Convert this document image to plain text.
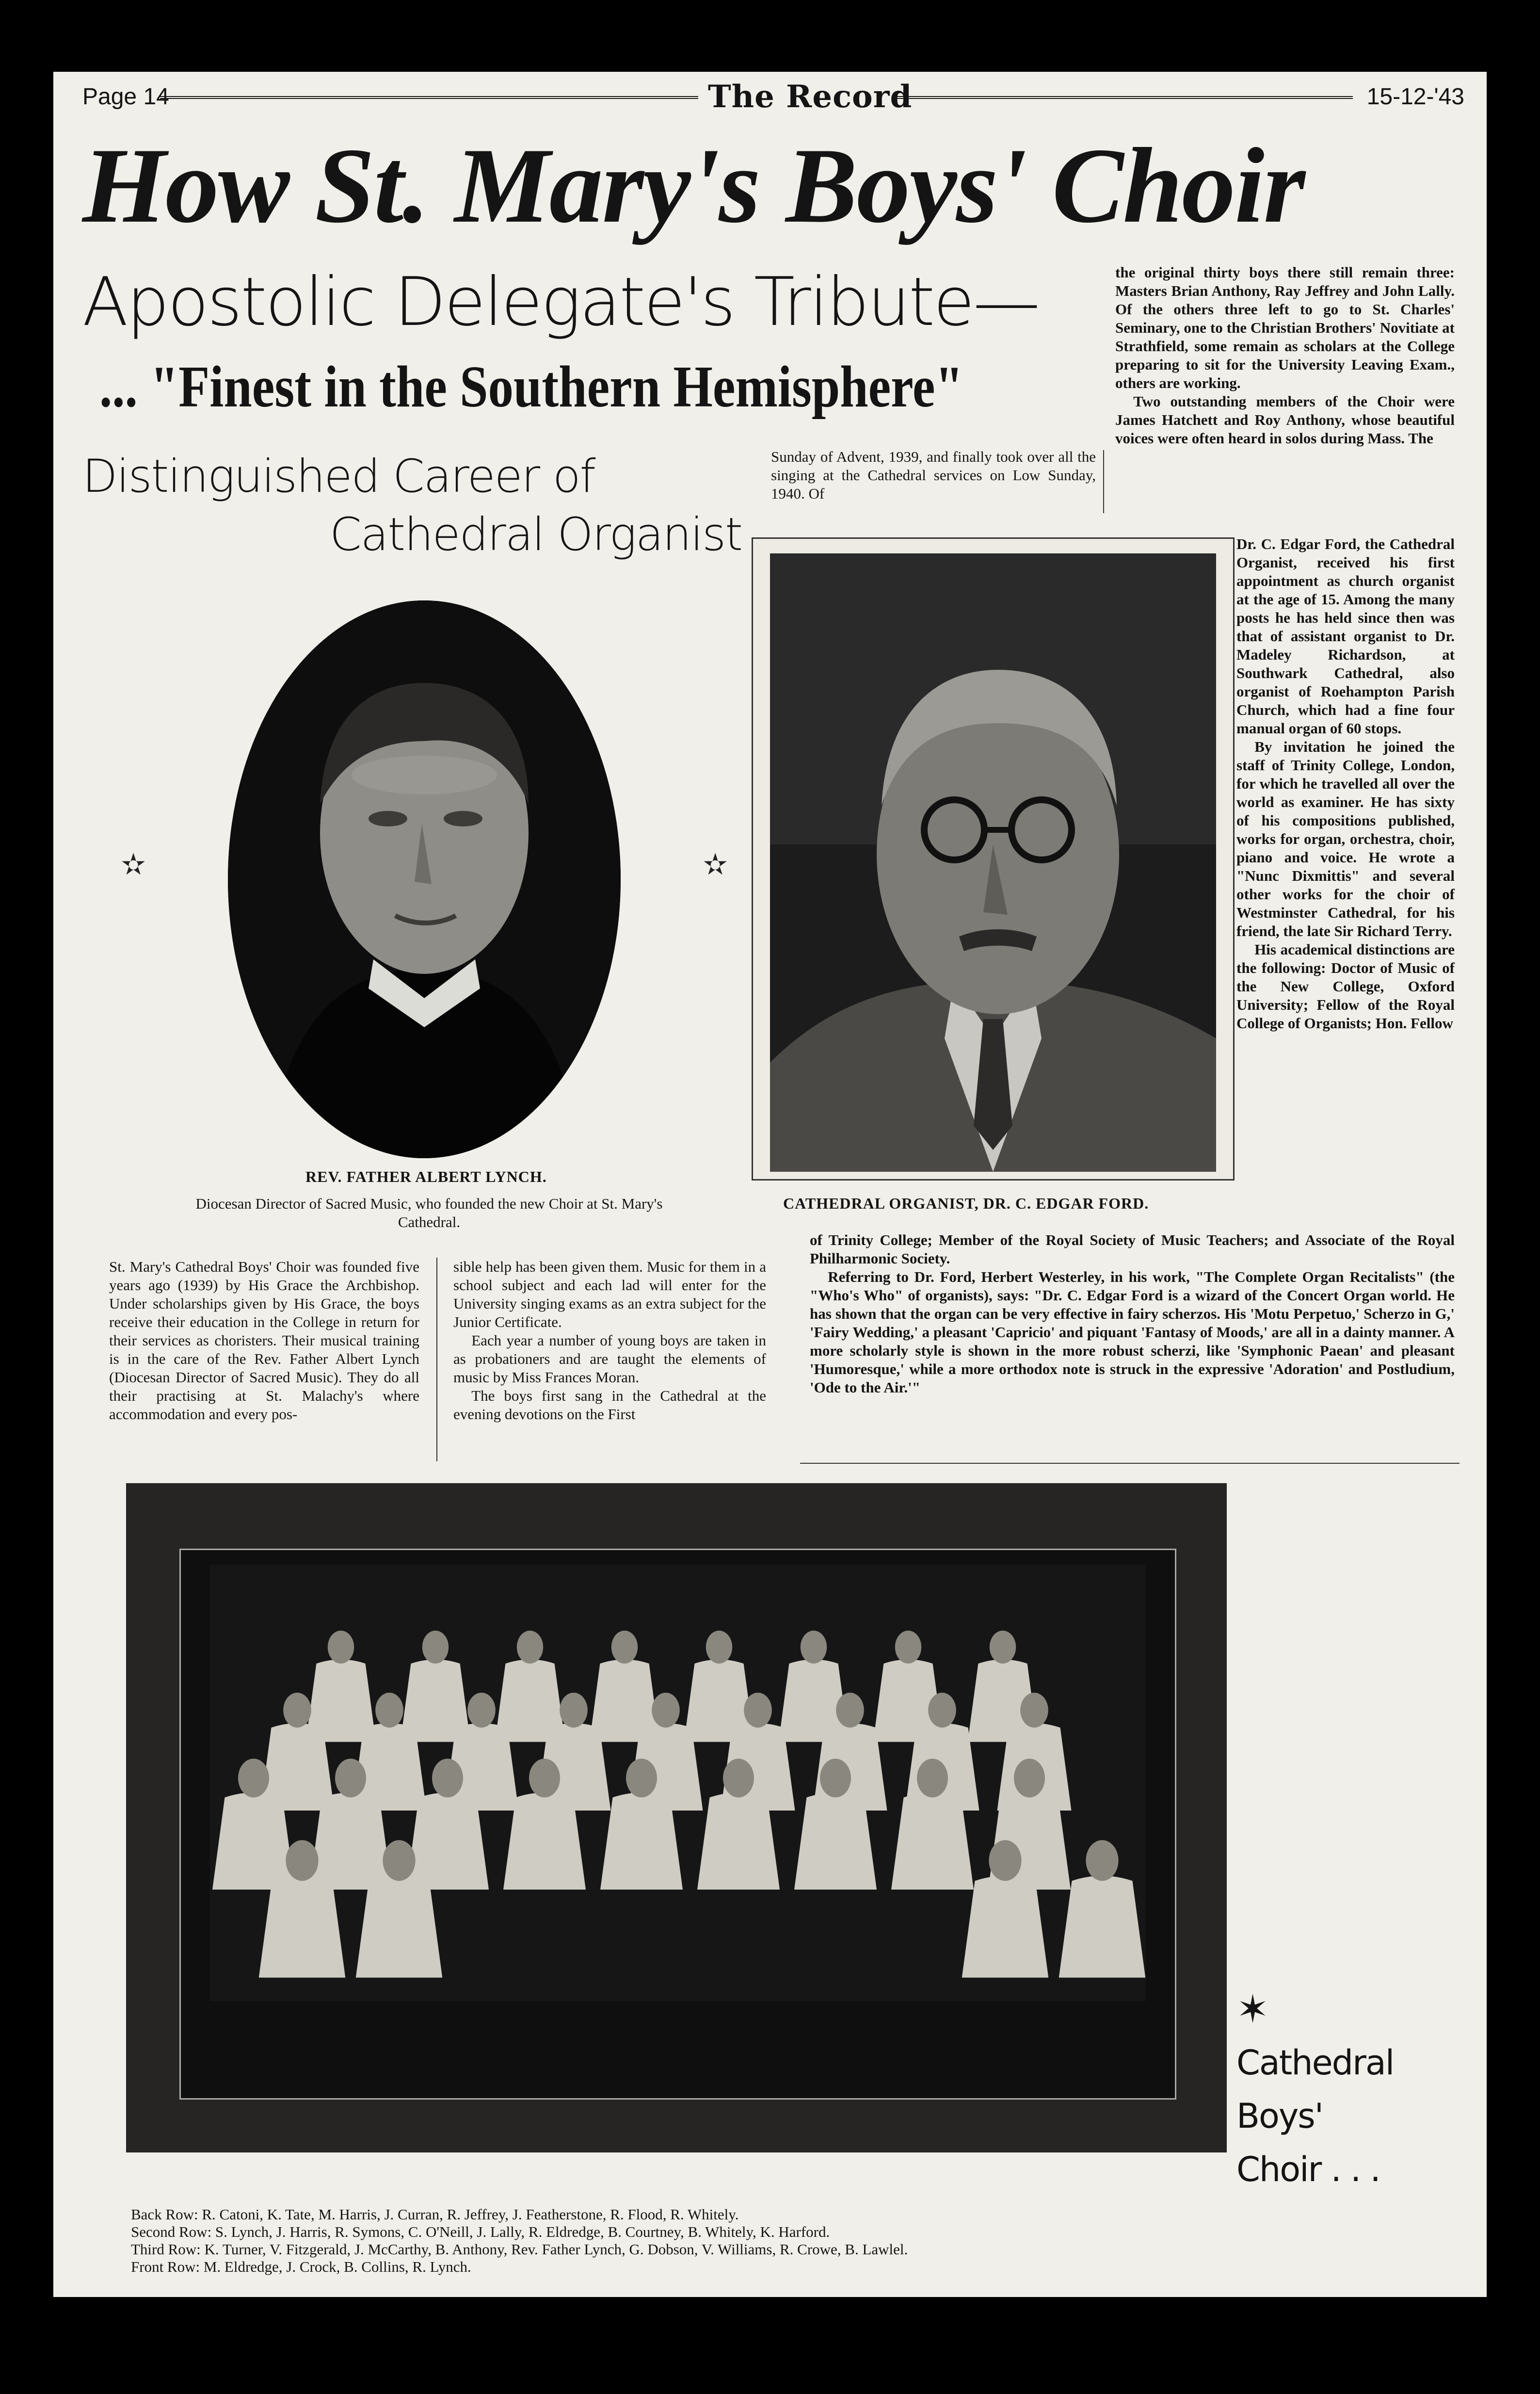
Page 14	The Record	15-12-'43
How St. Mary's Boys' Choir
Apostolic Delegate's Tribute—
... "Finest in the Southern Hemisphere"
Distinguished Career of
Cathedral Organist

the original thirty boys there still remain three: Masters Brian Anthony, Ray Jeffrey and John Lally. Of the others three left to go to St. Charles' Seminary, one to the Christian Brothers' Novitiate at Strathfield, some remain as scholars at the College preparing to sit for the University Leaving Exam., others are working.

Two outstanding members of the Choir were James Hatchett and Roy Anthony, whose beautiful voices were often heard in solos during Mass. The

Sunday of Advent, 1939, and finally took over all the singing at the Cathedral services on Low Sunday, 1940. Of

✫	✫
REV. FATHER ALBERT LYNCH.
Diocesan Director of Sacred Music, who founded the new Choir at St. Mary's Cathedral.
CATHEDRAL ORGANIST, DR. C. EDGAR FORD.

Dr. C. Edgar Ford, the Cathedral Organist, received his first appointment as church organist at the age of 15. Among the many posts he has held since then was that of assistant organist to Dr. Madeley Richardson, at Southwark Cathedral, also organist of Roehampton Parish Church, which had a fine four manual organ of 60 stops.

By invitation he joined the staff of Trinity College, London, for which he travelled all over the world as examiner. He has sixty of his compositions published, works for organ, orchestra, choir, piano and voice. He wrote a "Nunc Dixmittis" and several other works for the choir of Westminster Cathedral, for his friend, the late Sir Richard Terry.

His academical distinctions are the following: Doctor of Music of the New College, Oxford University; Fellow of the Royal College of Organists; Hon. Fellow

of Trinity College; Member of the Royal Society of Music Teachers; and Associate of the Royal Philharmonic Society.

Referring to Dr. Ford, Herbert Westerley, in his work, "The Complete Organ Recitalists" (the "Who's Who" of organists), says: "Dr. C. Edgar Ford is a wizard of the Concert Organ world. He has shown that the organ can be very effective in fairy scherzos. His 'Motu Perpetuo,' Scherzo in G,' 'Fairy Wedding,' a pleasant 'Capricio' and piquant 'Fantasy of Moods,' are all in a dainty manner. A more scholarly style is shown in the more robust scherzi, like 'Symphonic Paean' and pleasant 'Humoresque,' while a more orthodox note is struck in the expressive 'Adoration' and Postludium, 'Ode to the Air.'"

St. Mary's Cathedral Boys' Choir was founded five years ago (1939) by His Grace the Archbishop. Under scholarships given by His Grace, the boys receive their education in the College in return for their services as choristers. Their musical training is in the care of the Rev. Father Albert Lynch (Diocesan Director of Sacred Music). They do all their practising at St. Malachy's where accommodation and every pos-

sible help has been given them. Music for them in a school subject and each lad will enter for the University singing exams as an extra subject for the Junior Certificate.

Each year a number of young boys are taken in as probationers and are taught the elements of music by Miss Frances Moran.

The boys first sang in the Cathedral at the evening devotions on the First

✶
Cathedral
Boys'
Choir . . .
Back Row: R. Catoni, K. Tate, M. Harris, J. Curran, R. Jeffrey, J. Featherstone, R. Flood, R. Whitely.
Second Row: S. Lynch, J. Harris, R. Symons, C. O'Neill, J. Lally, R. Eldredge, B. Courtney, B. Whitely, K. Harford.
Third Row: K. Turner, V. Fitzgerald, J. McCarthy, B. Anthony, Rev. Father Lynch, G. Dobson, V. Williams, R. Crowe, B. Lawlel.
Front Row: M. Eldredge, J. Crock, B. Collins, R. Lynch.
